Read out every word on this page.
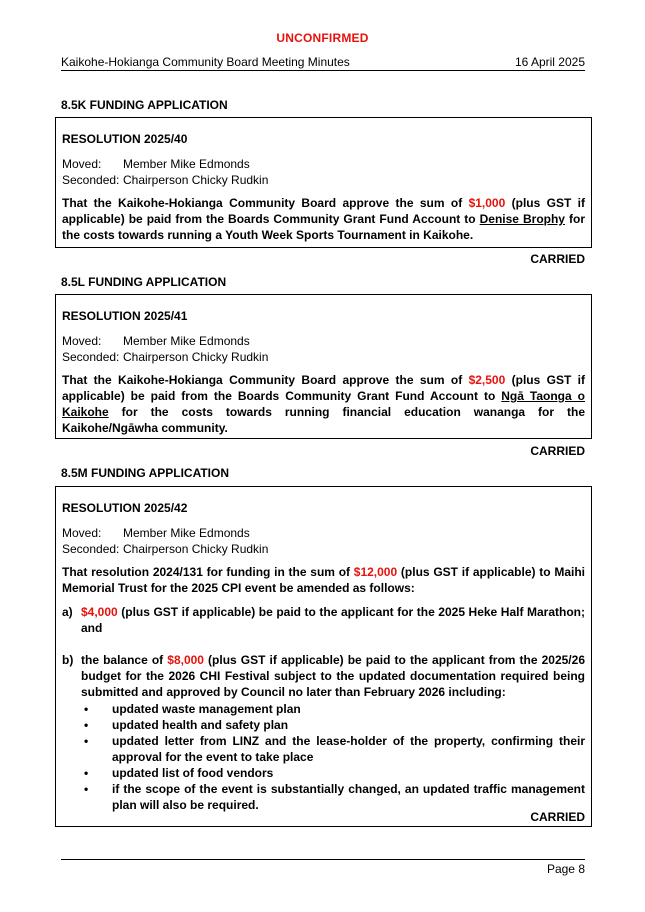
UNCONFIRMED
Kaikohe-Hokianga Community Board Meeting Minutes	16 April 2025
8.5K FUNDING APPLICATION
RESOLUTION 2025/40
Moved: Member Mike Edmonds
Seconded: Chairperson Chicky Rudkin
That the Kaikohe-Hokianga Community Board approve the sum of $1,000 (plus GST if applicable) be paid from the Boards Community Grant Fund Account to Denise Brophy for the costs towards running a Youth Week Sports Tournament in Kaikohe.
CARRIED
8.5L FUNDING APPLICATION
RESOLUTION 2025/41
Moved: Member Mike Edmonds
Seconded: Chairperson Chicky Rudkin
That the Kaikohe-Hokianga Community Board approve the sum of $2,500 (plus GST if applicable) be paid from the Boards Community Grant Fund Account to Ngā Taonga o Kaikohe for the costs towards running financial education wananga for the Kaikohe/Ngāwha community.
CARRIED
8.5M FUNDING APPLICATION
RESOLUTION 2025/42
Moved: Member Mike Edmonds
Seconded: Chairperson Chicky Rudkin
That resolution 2024/131 for funding in the sum of $12,000 (plus GST if applicable) to Maihi Memorial Trust for the 2025 CPI event be amended as follows:
a) $4,000 (plus GST if applicable) be paid to the applicant for the 2025 Heke Half Marathon; and
b) the balance of $8,000 (plus GST if applicable) be paid to the applicant from the 2025/26 budget for the 2026 CHI Festival subject to the updated documentation required being submitted and approved by Council no later than February 2026 including:
•	updated waste management plan
•	updated health and safety plan
•	updated letter from LINZ and the lease-holder of the property, confirming their approval for the event to take place
•	updated list of food vendors
•	if the scope of the event is substantially changed, an updated traffic management plan will also be required.
CARRIED
Page 8
